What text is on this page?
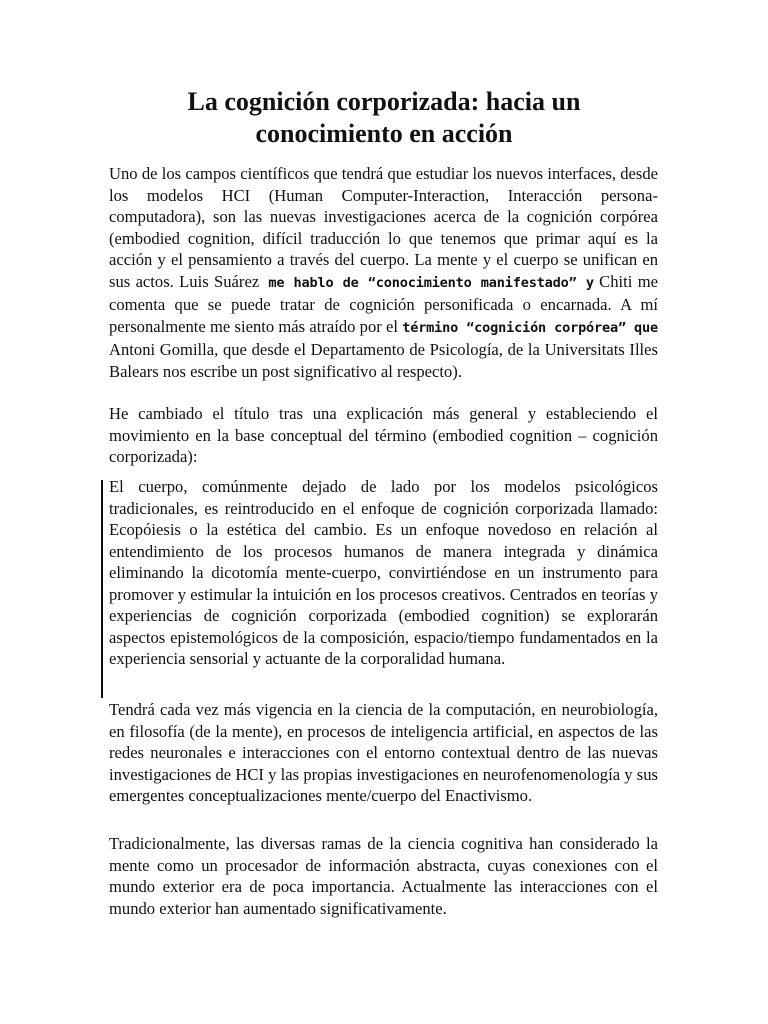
La cognición corporizada: hacia un conocimiento en acción

Uno de los campos científicos que tendrá que estudiar los nuevos interfaces, desde los modelos HCI (Human Computer-Interaction, Interacción persona-computadora), son las nuevas investigaciones acerca de la cognición corpórea (embodied cognition, difícil traducción lo que tenemos que primar aquí es la acción y el pensamiento a través del cuerpo. La mente y el cuerpo se unifican en sus actos. Luis Suárez me hablo de “conocimiento manifestado” y Chiti me comenta que se puede tratar de cognición personificada o encarnada. A mí personalmente me siento más atraído por el término “cognición corpórea” que Antoni Gomilla, que desde el Departamento de Psicología, de la Universitats Illes Balears nos escribe un post significativo al respecto).

He cambiado el título tras una explicación más general y estableciendo el movimiento en la base conceptual del término (embodied cognition – cognición corporizada):

El cuerpo, comúnmente dejado de lado por los modelos psicológicos tradicionales, es reintroducido en el enfoque de cognición corporizada llamado: Ecopóiesis o la estética del cambio. Es un enfoque novedoso en relación al entendimiento de los procesos humanos de manera integrada y dinámica eliminando la dicotomía mente-cuerpo, convirtiéndose en un instrumento para promover y estimular la intuición en los procesos creativos. Centrados en teorías y experiencias de cognición corporizada (embodied cognition) se explorarán aspectos epistemológicos de la composición, espacio/tiempo fundamentados en la experiencia sensorial y actuante de la corporalidad humana.

Tendrá cada vez más vigencia en la ciencia de la computación, en neurobiología, en filosofía (de la mente), en procesos de inteligencia artificial, en aspectos de las redes neuronales e interacciones con el entorno contextual dentro de las nuevas investigaciones de HCI y las propias investigaciones en neurofenomenología y sus emergentes conceptualizaciones mente/cuerpo del Enactivismo.

Tradicionalmente, las diversas ramas de la ciencia cognitiva han considerado la mente como un procesador de información abstracta, cuyas conexiones con el mundo exterior era de poca importancia. Actualmente las interacciones con el mundo exterior han aumentado significativamente.
